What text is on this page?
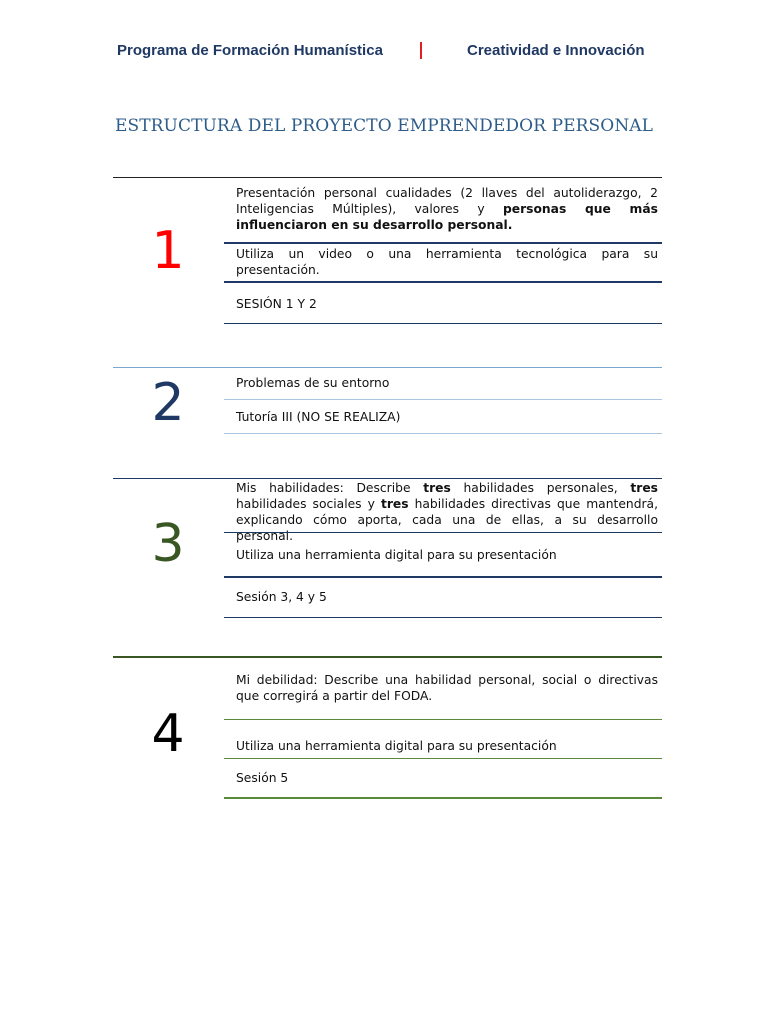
Programa de Formación Humanística	Creatividad e Innovación
ESTRUCTURA DEL PROYECTO EMPRENDEDOR PERSONAL
1
Presentación personal cualidades (2 llaves del autoliderazgo, 2 Inteligencias Múltiples), valores y personas que más influenciaron en su desarrollo personal.
Utiliza un video o una herramienta tecnológica para su presentación.
SESIÓN 1 Y 2
2	Problemas de su entorno
Tutoría III (NO SE REALIZA)
3
Mis habilidades: Describe tres habilidades personales, tres habilidades sociales y tres habilidades directivas que mantendrá, explicando cómo aporta, cada una de ellas, a su desarrollo personal.
Utiliza una herramienta digital para su presentación
Sesión 3, 4 y 5
4
Mi debilidad: Describe una habilidad personal, social o directivas que corregirá a partir del FODA.
Utiliza una herramienta digital para su presentación
Sesión 5
